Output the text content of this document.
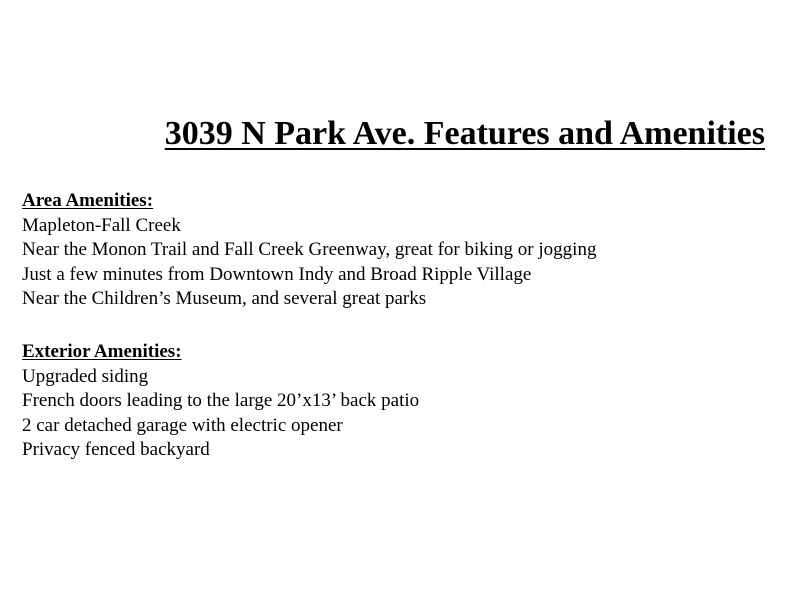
3039 N Park Ave. Features and Amenities
Area Amenities:
Mapleton-Fall Creek
Near the Monon Trail and Fall Creek Greenway, great for biking or jogging
Just a few minutes from Downtown Indy and Broad Ripple Village
Near the Children’s Museum, and several great parks
Exterior Amenities:
Upgraded siding
French doors leading to the large 20’x13’ back patio
2 car detached garage with electric opener
Privacy fenced backyard
